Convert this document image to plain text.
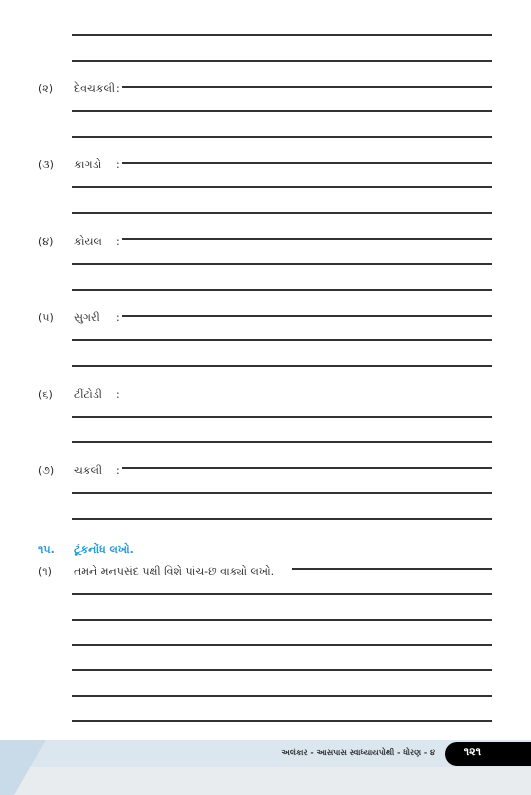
(૨) દેવચકલી :
(૩) કાગડો :
(૪) કોયલ :
(૫) સુગરી :
(૬) ટીંટોડી :
(૭) ચકલી :
૧૫. ટૂંકનોંધ લખો.
(૧) તમને મનપસંદ પક્ષી વિશે પાંચ-છ વાક્યો લખો.
અલંકાર - આસપાસ સ્વાધ્યાયપોથી - ધોરણ - ૪	૧૨૧
